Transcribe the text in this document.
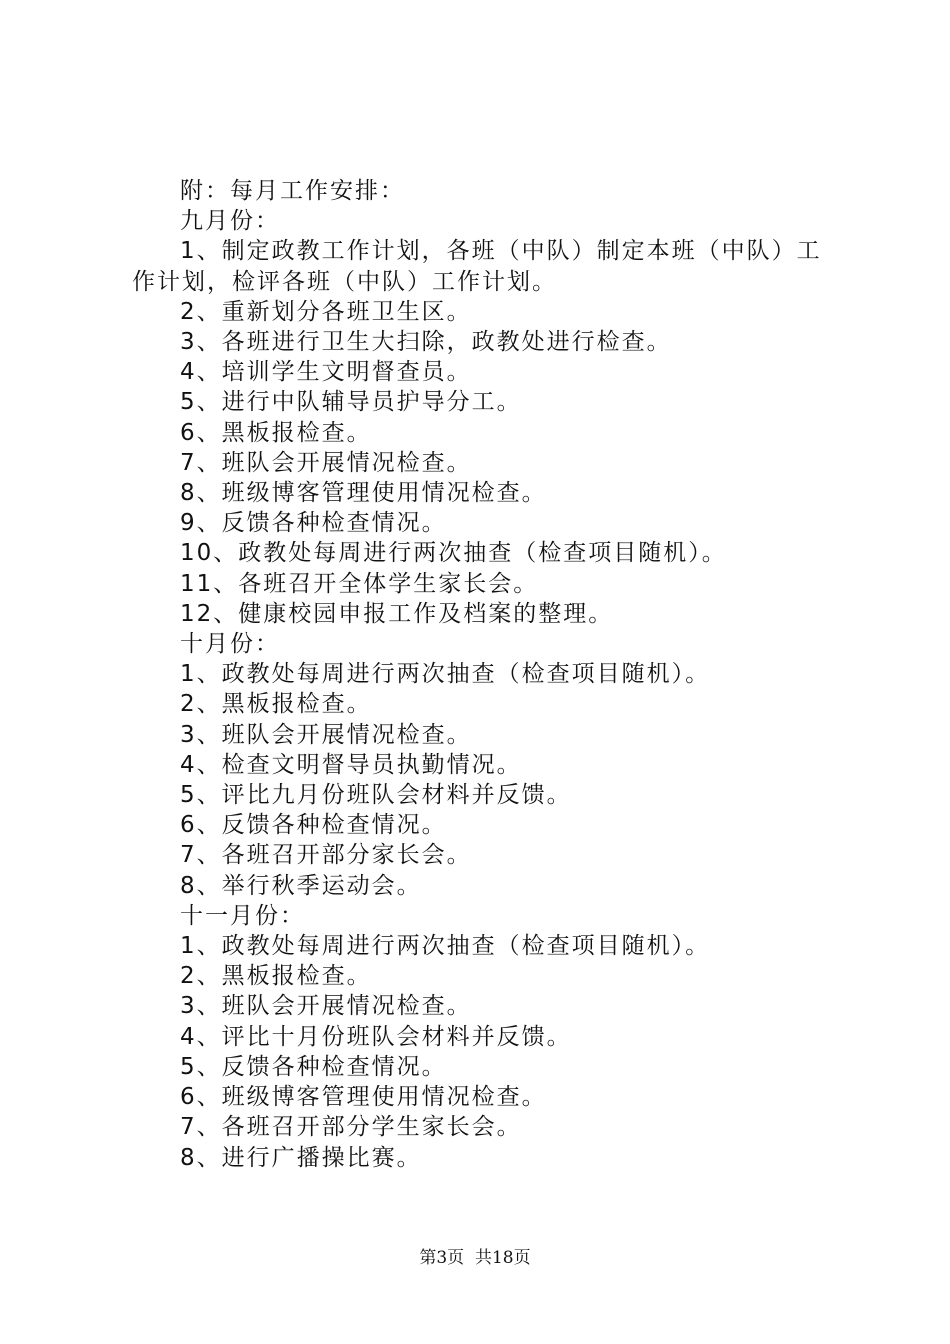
附：每月工作安排：
九月份：
1、制定政教工作计划，各班（中队）制定本班（中队）工作计划，检评各班（中队）工作计划。
2、重新划分各班卫生区。
3、各班进行卫生大扫除，政教处进行检查。
4、培训学生文明督查员。
5、进行中队辅导员护导分工。
6、黑板报检查。
7、班队会开展情况检查。
8、班级博客管理使用情况检查。
9、反馈各种检查情况。
10、政教处每周进行两次抽查（检查项目随机）。
11、各班召开全体学生家长会。
12、健康校园申报工作及档案的整理。
十月份：
1、政教处每周进行两次抽查（检查项目随机）。
2、黑板报检查。
3、班队会开展情况检查。
4、检查文明督导员执勤情况。
5、评比九月份班队会材料并反馈。
6、反馈各种检查情况。
7、各班召开部分家长会。
8、举行秋季运动会。
十一月份：
1、政教处每周进行两次抽查（检查项目随机）。
2、黑板报检查。
3、班队会开展情况检查。
4、评比十月份班队会材料并反馈。
5、反馈各种检查情况。
6、班级博客管理使用情况检查。
7、各班召开部分学生家长会。
8、进行广播操比赛。
第3页  共18页
